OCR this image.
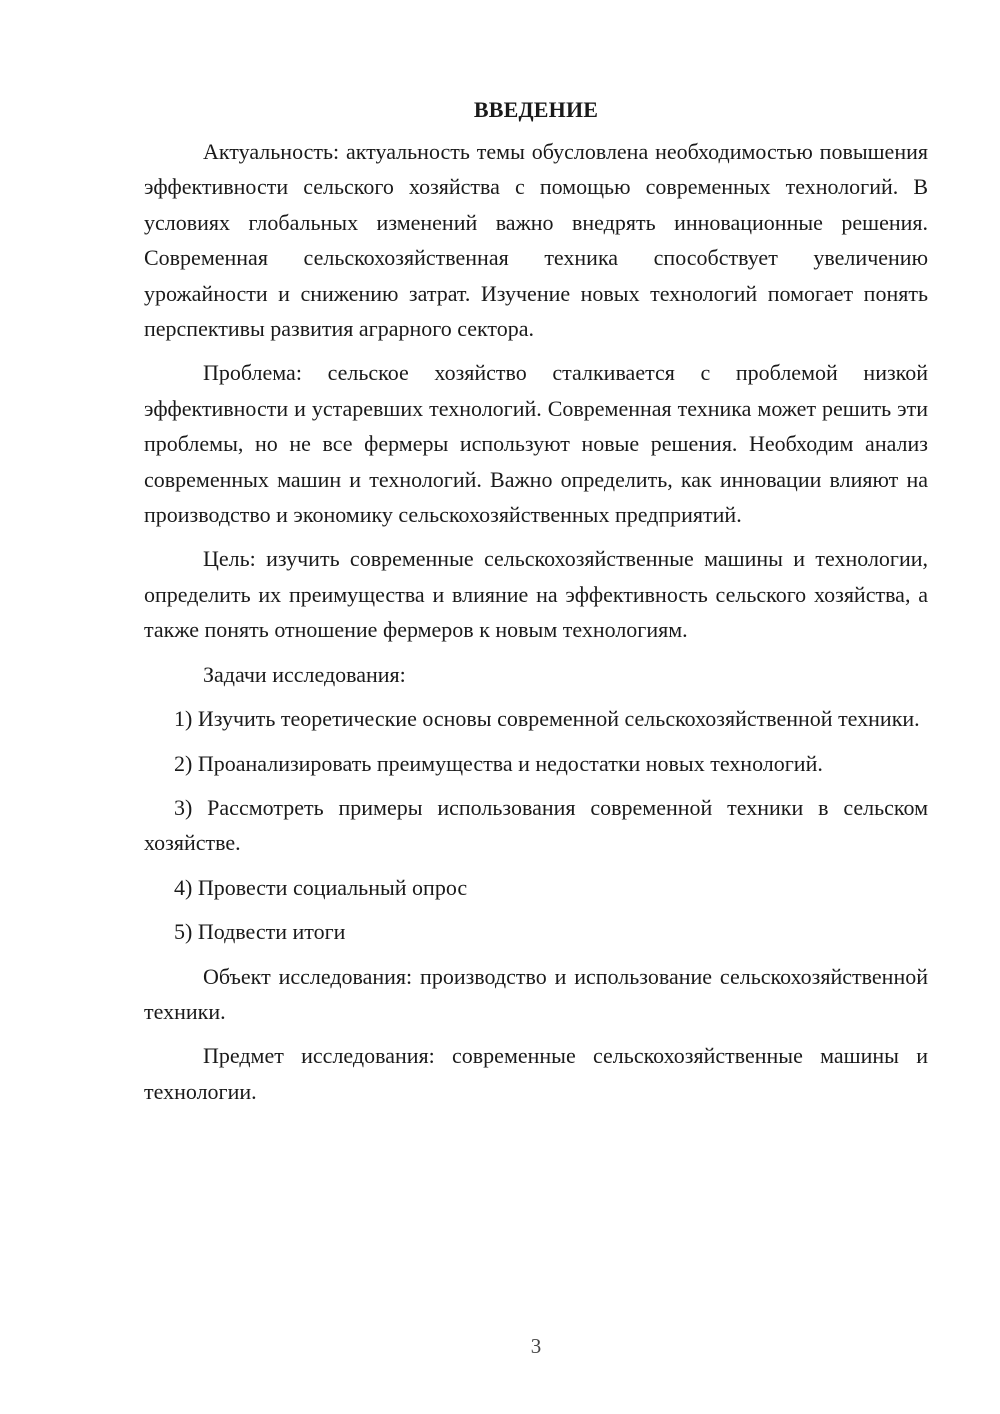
ВВЕДЕНИЕ

Актуальность: актуальность темы обусловлена необходимостью повышения эффективности сельского хозяйства с помощью современных технологий. В условиях глобальных изменений важно внедрять инновационные решения. Современная сельскохозяйственная техника способствует увеличению урожайности и снижению затрат. Изучение новых технологий помогает понять перспективы развития аграрного сектора.

Проблема: сельское хозяйство сталкивается с проблемой низкой эффективности и устаревших технологий. Современная техника может решить эти проблемы, но не все фермеры используют новые решения. Необходим анализ современных машин и технологий. Важно определить, как инновации влияют на производство и экономику сельскохозяйственных предприятий.

Цель: изучить современные сельскохозяйственные машины и технологии, определить их преимущества и влияние на эффективность сельского хозяйства, а также понять отношение фермеров к новым технологиям.

Задачи исследования:

1) Изучить теоретические основы современной сельскохозяйственной техники.

2) Проанализировать преимущества и недостатки новых технологий.

3) Рассмотреть примеры использования современной техники в сельском хозяйстве.

4) Провести социальный опрос

5) Подвести итоги

Объект исследования: производство и использование сельскохозяйственной техники.

Предмет исследования: современные сельскохозяйственные машины и технологии.

3
